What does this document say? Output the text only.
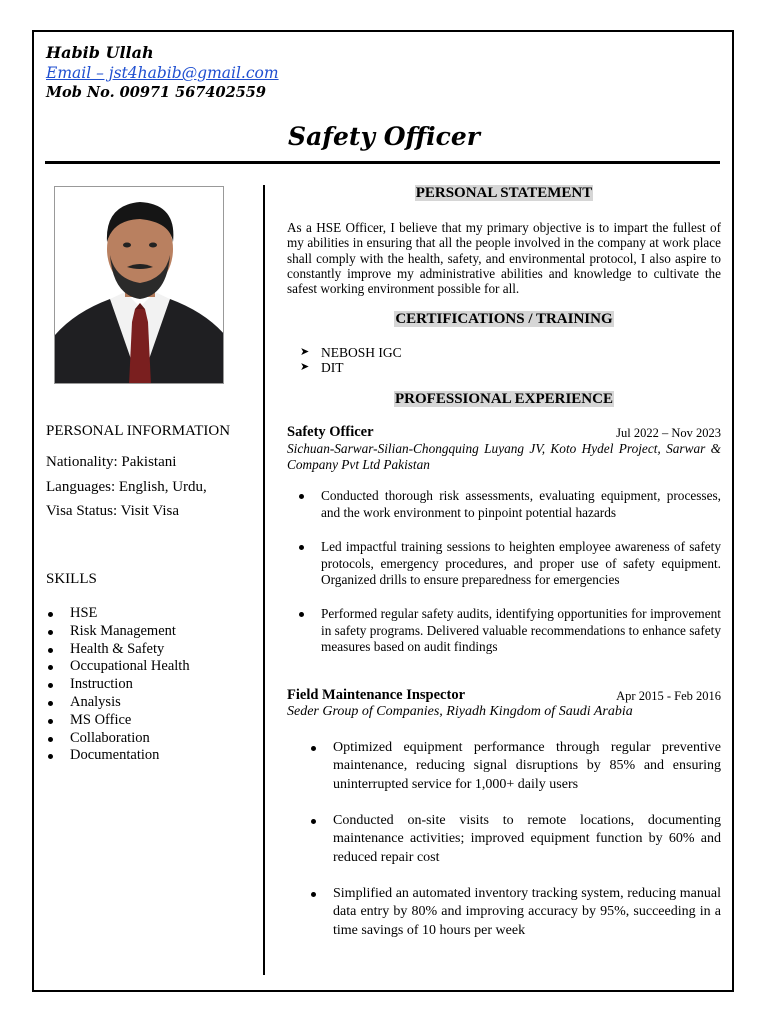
Habib Ullah
Email – jst4habib@gmail.com
Mob No. 00971 567402559
Safety Officer
PERSONAL INFORMATION
Nationality: Pakistani
Languages: English, Urdu,
Visa Status: Visit Visa
SKILLS
HSE
Risk Management
Health & Safety
Occupational Health
Instruction
Analysis
MS Office
Collaboration
Documentation
PERSONAL STATEMENT
As a HSE Officer, I believe that my primary objective is to impart the fullest of my abilities in ensuring that all the people involved in the company at work place shall comply with the health, safety, and environmental protocol, I also aspire to constantly improve my administrative abilities and knowledge to cultivate the safest working environment possible for all.
CERTIFICATIONS / TRAINING
➤ NEBOSH IGC
➤ DIT
PROFESSIONAL EXPERIENCE
Safety Officer	Jul 2022 – Nov 2023
Sichuan-Sarwar-Silian-Chongquing Luyang JV, Koto Hydel Project, Sarwar & Company Pvt Ltd Pakistan
Conducted thorough risk assessments, evaluating equipment, processes, and the work environment to pinpoint potential hazards
Led impactful training sessions to heighten employee awareness of safety protocols, emergency procedures, and proper use of safety equipment. Organized drills to ensure preparedness for emergencies
Performed regular safety audits, identifying opportunities for improvement in safety programs. Delivered valuable recommendations to enhance safety measures based on audit findings
Field Maintenance Inspector	Apr 2015 - Feb 2016
Seder Group of Companies, Riyadh Kingdom of Saudi Arabia
Optimized equipment performance through regular preventive maintenance, reducing signal disruptions by 85% and ensuring uninterrupted service for 1,000+ daily users
Conducted on-site visits to remote locations, documenting maintenance activities; improved equipment function by 60% and reduced repair cost
Simplified an automated inventory tracking system, reducing manual data entry by 80% and improving accuracy by 95%, succeeding in a time savings of 10 hours per week
